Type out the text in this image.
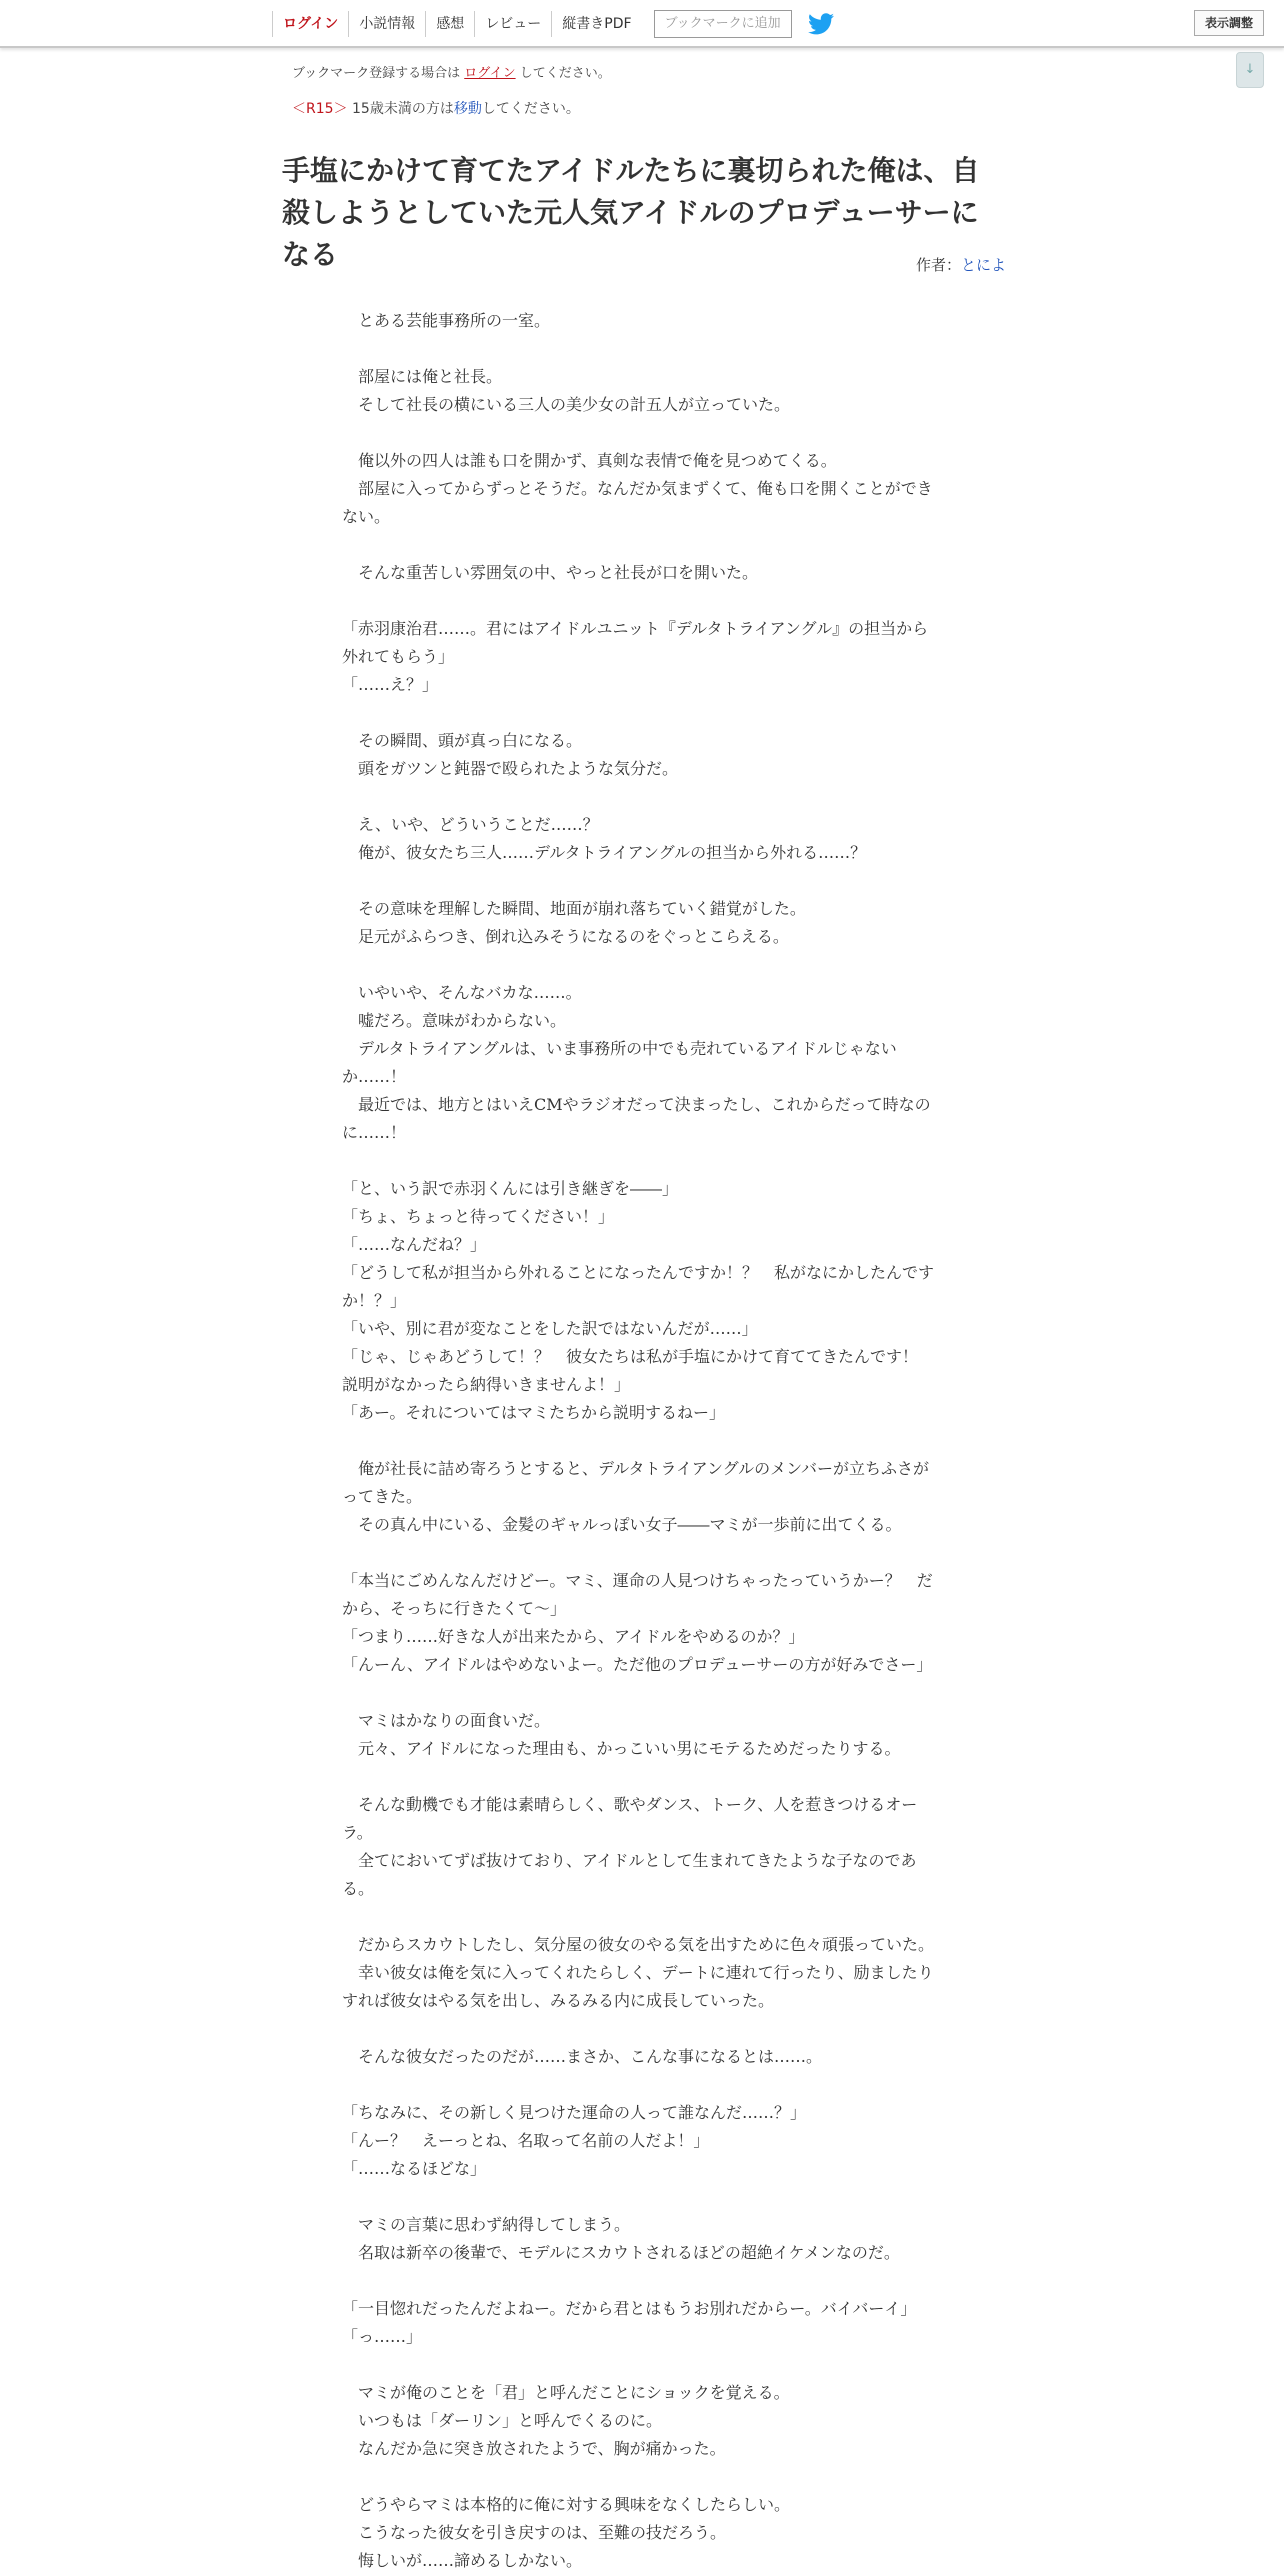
ログイン	小説情報	感想	レビュー	縦書きPDF	ブックマークに追加	表示調整
↓
ブックマーク登録する場合は ログイン してください。
＜R15＞ 15歳未満の方は移動してください。
手塩にかけて育てたアイドルたちに裏切られた俺は、自殺しようとしていた元人気アイドルのプロデューサーになる	作者：とによ

　とある芸能事務所の一室。

　部屋には俺と社長。

　そして社長の横にいる三人の美少女の計五人が立っていた。

　俺以外の四人は誰も口を開かず、真剣な表情で俺を見つめてくる。

　部屋に入ってからずっとそうだ。なんだか気まずくて、俺も口を開くことができ

ない。

　そんな重苦しい雰囲気の中、やっと社長が口を開いた。

「赤羽康治君……。君にはアイドルユニット『デルタトライアングル』の担当から

外れてもらう」

「……え？」

　その瞬間、頭が真っ白になる。

　頭をガツンと鈍器で殴られたような気分だ。

　え、いや、どういうことだ……？

　俺が、彼女たち三人……デルタトライアングルの担当から外れる……？

　その意味を理解した瞬間、地面が崩れ落ちていく錯覚がした。

　足元がふらつき、倒れ込みそうになるのをぐっとこらえる。

　いやいや、そんなバカな……。

　嘘だろ。意味がわからない。

　デルタトライアングルは、いま事務所の中でも売れているアイドルじゃない

か……！

　最近では、地方とはいえCMやラジオだって決まったし、これからだって時なの

に……！

「と、いう訳で赤羽くんには引き継ぎを――」

「ちょ、ちょっと待ってください！」

「……なんだね？」

「どうして私が担当から外れることになったんですか！？　私がなにかしたんです

か！？」

「いや、別に君が変なことをした訳ではないんだが……」

「じゃ、じゃあどうして！？　彼女たちは私が手塩にかけて育ててきたんです！

説明がなかったら納得いきませんよ！」

「あー。それについてはマミたちから説明するねー」

　俺が社長に詰め寄ろうとすると、デルタトライアングルのメンバーが立ちふさが

ってきた。

　その真ん中にいる、金髪のギャルっぽい女子――マミが一歩前に出てくる。

「本当にごめんなんだけどー。マミ、運命の人見つけちゃったっていうかー？　だ

から、そっちに行きたくて～」

「つまり……好きな人が出来たから、アイドルをやめるのか？」

「んーん、アイドルはやめないよー。ただ他のプロデューサーの方が好みでさー」

　マミはかなりの面食いだ。

　元々、アイドルになった理由も、かっこいい男にモテるためだったりする。

　そんな動機でも才能は素晴らしく、歌やダンス、トーク、人を惹きつけるオー

ラ。

　全てにおいてずば抜けており、アイドルとして生まれてきたような子なのであ

る。

　だからスカウトしたし、気分屋の彼女のやる気を出すために色々頑張っていた。

　幸い彼女は俺を気に入ってくれたらしく、デートに連れて行ったり、励ましたり

すれば彼女はやる気を出し、みるみる内に成長していった。

　そんな彼女だったのだが……まさか、こんな事になるとは……。

「ちなみに、その新しく見つけた運命の人って誰なんだ……？」

「んー？　えーっとね、名取って名前の人だよ！」

「……なるほどな」

　マミの言葉に思わず納得してしまう。

　名取は新卒の後輩で、モデルにスカウトされるほどの超絶イケメンなのだ。

「一目惚れだったんだよねー。だから君とはもうお別れだからー。バイバーイ」

「っ……」

　マミが俺のことを「君」と呼んだことにショックを覚える。

　いつもは「ダーリン」と呼んでくるのに。

　なんだか急に突き放されたようで、胸が痛かった。

　どうやらマミは本格的に俺に対する興味をなくしたらしい。

　こうなった彼女を引き戻すのは、至難の技だろう。

　悔しいが……諦めるしかない。
